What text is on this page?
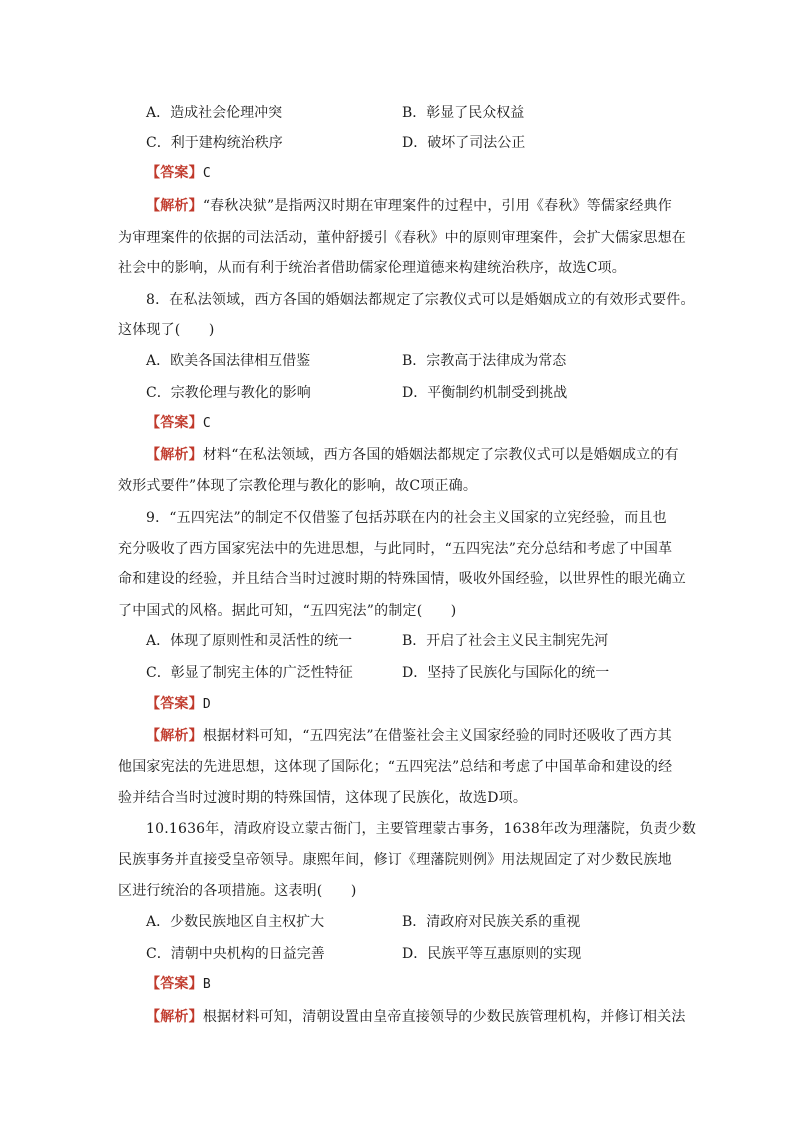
A．造成社会伦理冲突	B．彰显了民众权益
C．利于建构统治秩序	D．破坏了司法公正
【答案】C
【解析】“春秋决狱”是指两汉时期在审理案件的过程中，引用《春秋》等儒家经典作
为审理案件的依据的司法活动，董仲舒援引《春秋》中的原则审理案件，会扩大儒家思想在
社会中的影响，从而有利于统治者借助儒家伦理道德来构建统治秩序，故选C项。
8．在私法领域，西方各国的婚姻法都规定了宗教仪式可以是婚姻成立的有效形式要件。
这体现了(　　)
A．欧美各国法律相互借鉴	B．宗教高于法律成为常态
C．宗教伦理与教化的影响	D．平衡制约机制受到挑战
【答案】C
【解析】材料“在私法领域，西方各国的婚姻法都规定了宗教仪式可以是婚姻成立的有
效形式要件”体现了宗教伦理与教化的影响，故C项正确。
9．“五四宪法”的制定不仅借鉴了包括苏联在内的社会主义国家的立宪经验，而且也
充分吸收了西方国家宪法中的先进思想，与此同时，“五四宪法”充分总结和考虑了中国革
命和建设的经验，并且结合当时过渡时期的特殊国情，吸收外国经验，以世界性的眼光确立
了中国式的风格。据此可知，“五四宪法”的制定(　　)
A．体现了原则性和灵活性的统一	B．开启了社会主义民主制宪先河
C．彰显了制宪主体的广泛性特征	D．坚持了民族化与国际化的统一
【答案】D
【解析】根据材料可知，“五四宪法”在借鉴社会主义国家经验的同时还吸收了西方其
他国家宪法的先进思想，这体现了国际化；“五四宪法”总结和考虑了中国革命和建设的经
验并结合当时过渡时期的特殊国情，这体现了民族化，故选D项。
10.1636年，清政府设立蒙古衙门，主要管理蒙古事务，1638年改为理藩院，负责少数
民族事务并直接受皇帝领导。康熙年间，修订《理藩院则例》用法规固定了对少数民族地
区进行统治的各项措施。这表明(　　)
A．少数民族地区自主权扩大	B．清政府对民族关系的重视
C．清朝中央机构的日益完善	D．民族平等互惠原则的实现
【答案】B
【解析】根据材料可知，清朝设置由皇帝直接领导的少数民族管理机构，并修订相关法
